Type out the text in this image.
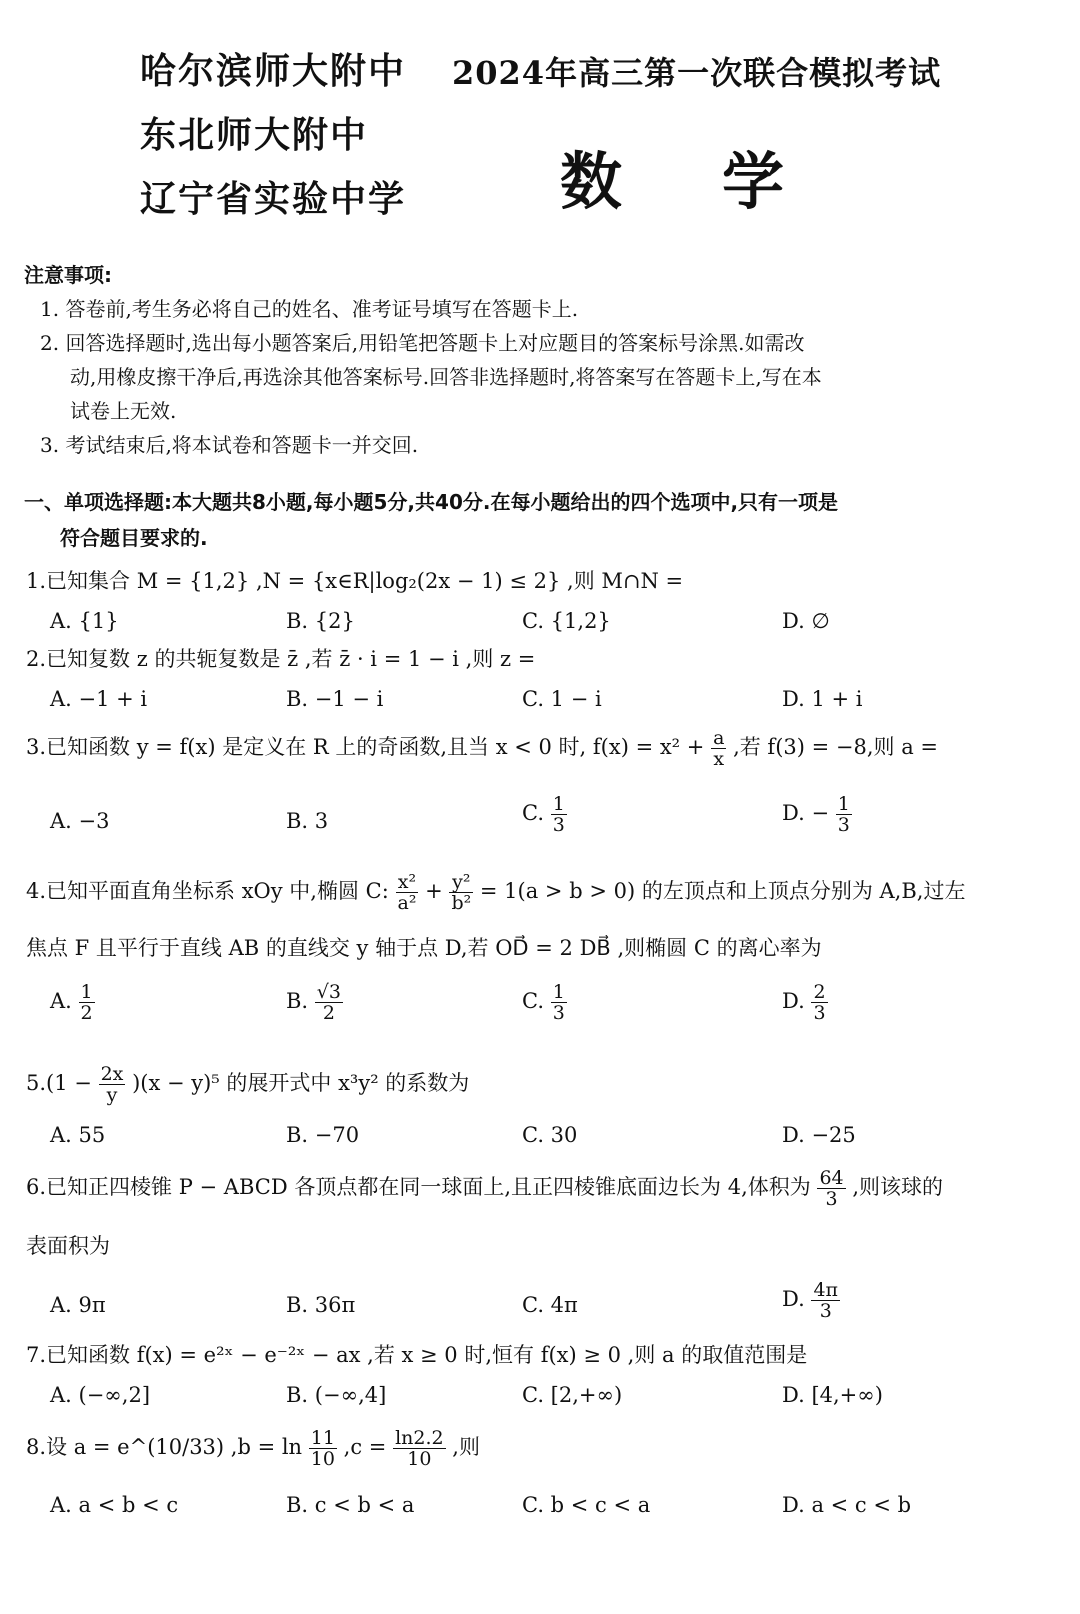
哈尔滨师大附中
东北师大附中
辽宁省实验中学
2024年高三第一次联合模拟考试
数学
注意事项:
1. 答卷前,考生务必将自己的姓名、准考证号填写在答题卡上.
2. 回答选择题时,选出每小题答案后,用铅笔把答题卡上对应题目的答案标号涂黑.如需改
动,用橡皮擦干净后,再选涂其他答案标号.回答非选择题时,将答案写在答题卡上,写在本
试卷上无效.
3. 考试结束后,将本试卷和答题卡一并交回.
一、单项选择题:本大题共8小题,每小题5分,共40分.在每小题给出的四个选项中,只有一项是
符合题目要求的.
1.已知集合 M = {1,2} ,N = {x∈R|log₂(2x − 1) ≤ 2} ,则 M∩N =
A. {1}	B. {2}	C. {1,2}	D. ∅
2.已知复数 z 的共轭复数是 z̄ ,若 z̄ · i = 1 − i ,则 z =
A. −1 + i	B. −1 − i	C. 1 − i	D. 1 + i
3.已知函数 y = f(x) 是定义在 R 上的奇函数,且当 x < 0 时, $f(x) = x^2 + \frac{a}{x}$ ,若 f(3) = −8,则 a =
A. −3	B. 3	C. $\frac{1}{3}$	D. − $\frac{1}{3}$
4.已知平面直角坐标系 xOy 中,椭圆 C: $\frac{\text{x²}}{\text{a²}} + \frac{\text{y²}}{\text{b²}} = 1(a > b > 0)$ 的左顶点和上顶点分别为 A,B,过左
焦点 F 且平行于直线 AB 的直线交 y 轴于点 D,若 OD⃗ = 2 DB⃗ ,则椭圆 C 的离心率为
A. $\frac{1}{2}$	B. $\frac{√3}{2}$	C. $\frac{1}{3}$	D. $\frac{2}{3}$
$5.(1 - \frac{2x}{y} )(x - y)^5$ 的展开式中 x³y² 的系数为
A. 55	B. −70	C. 30	D. −25
6.已知正四棱锥 P − ABCD 各顶点都在同一球面上,且正四棱锥底面边长为 4,体积为 $\frac{64}{3}$ ,则该球的
表面积为
A. 9π	B. 36π	C. 4π	D. $\frac{4\pi}{3}$
7.已知函数 f(x) = e²ˣ − e⁻²ˣ − ax ,若 x ≥ 0 时,恒有 f(x) ≥ 0 ,则 a 的取值范围是
A. (−∞,2]	B. (−∞,4]	C. [2,+∞)	D. [4,+∞)
8.设 a = e^(10/33) $,b = \ln \frac{11}{10} ,c = \frac{\ln 2.2}{10}$ ,则
A. a < b < c	B. c < b < a	C. b < c < a	D. a < c < b
